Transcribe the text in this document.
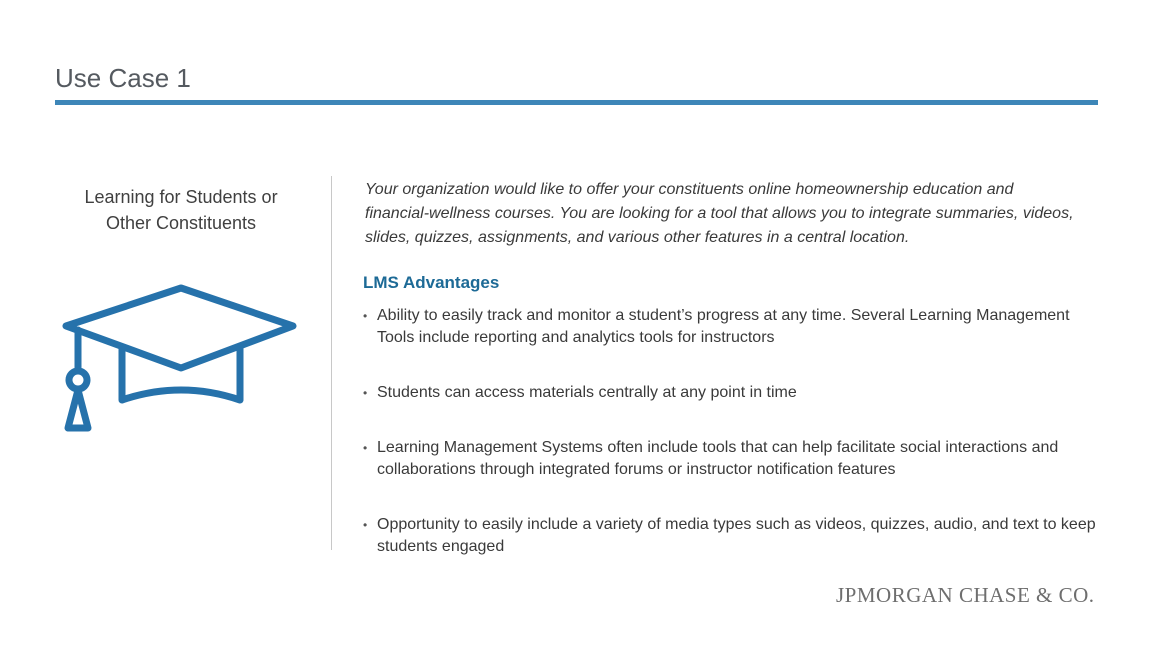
Use Case 1
Learning for Students or Other Constituents
Your organization would like to offer your constituents online homeownership education and financial-wellness courses. You are looking for a tool that allows you to integrate summaries, videos, slides, quizzes, assignments, and various other features in a central location.
LMS Advantages
• Ability to easily track and monitor a student’s progress at any time. Several Learning Management Tools include reporting and analytics tools for instructors
• Students can access materials centrally at any point in time
• Learning Management Systems often include tools that can help facilitate social interactions and collaborations through integrated forums or instructor notification features
• Opportunity to easily include a variety of media types such as videos, quizzes, audio, and text to keep students engaged
JPMORGAN CHASE & CO.
